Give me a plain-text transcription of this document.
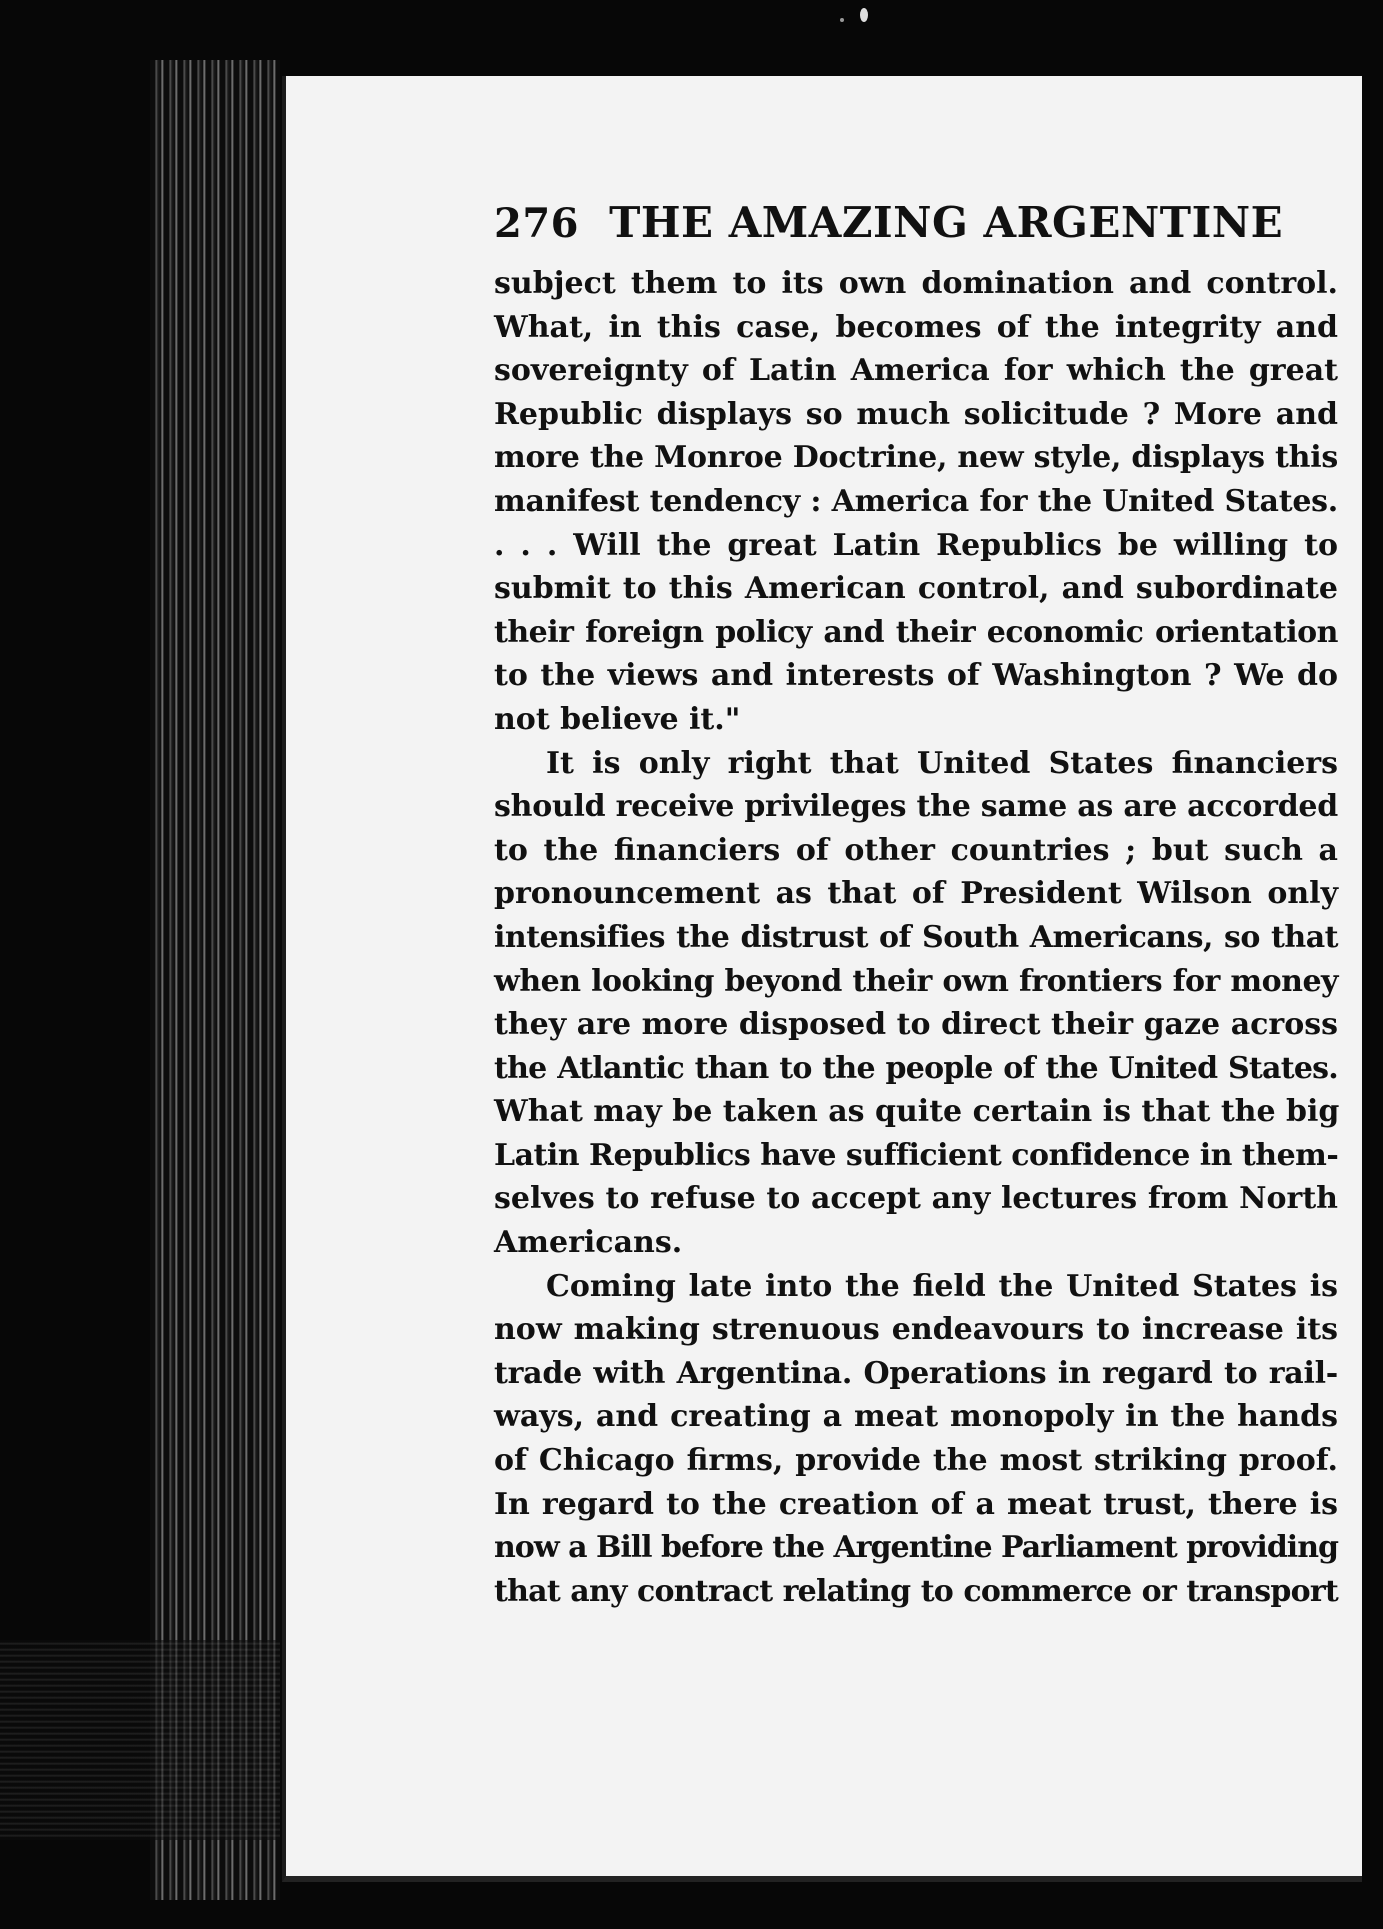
276 THE AMAZING ARGENTINE
subject them to its own domination and control.
What, in this case, becomes of the integrity and
sovereignty of Latin America for which the great
Republic displays so much solicitude ? More and
more the Monroe Doctrine, new style, displays this
manifest tendency : America for the United States.
. . . Will the great Latin Republics be willing to
submit to this American control, and subordinate
their foreign policy and their economic orientation
to the views and interests of Washington ? We do
not believe it."
It is only right that United States financiers
should receive privileges the same as are accorded
to the financiers of other countries ; but such a
pronouncement as that of President Wilson only
intensifies the distrust of South Americans, so that
when looking beyond their own frontiers for money
they are more disposed to direct their gaze across
the Atlantic than to the people of the United States.
What may be taken as quite certain is that the big
Latin Republics have sufficient confidence in them-
selves to refuse to accept any lectures from North
Americans.
Coming late into the field the United States is
now making strenuous endeavours to increase its
trade with Argentina. Operations in regard to rail-
ways, and creating a meat monopoly in the hands
of Chicago firms, provide the most striking proof.
In regard to the creation of a meat trust, there is
now a Bill before the Argentine Parliament providing
that any contract relating to commerce or transport
